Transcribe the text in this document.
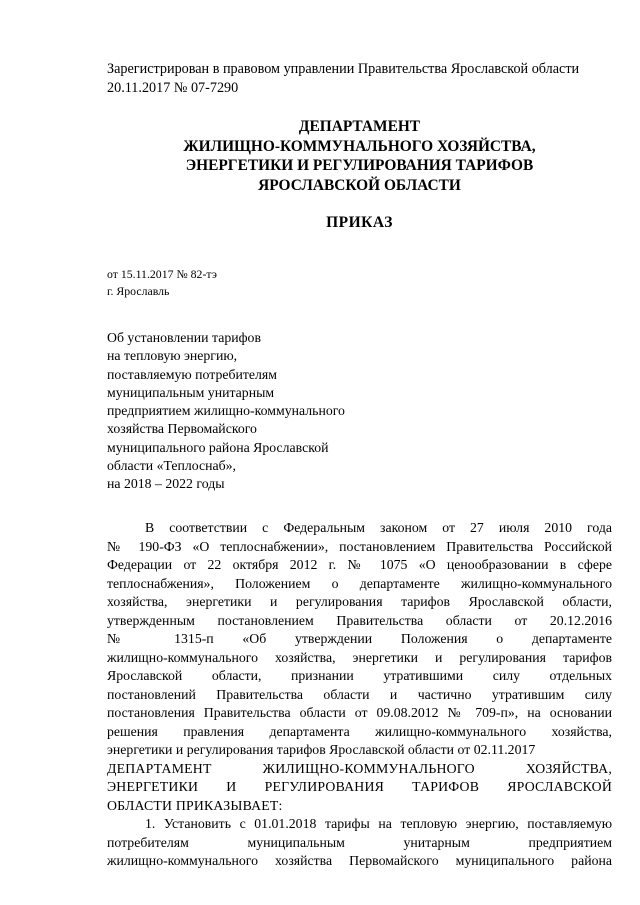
Зарегистрирован в правовом управлении Правительства Ярославской области
20.11.2017 № 07-7290
ДЕПАРТАМЕНТ
ЖИЛИЩНО-КОММУНАЛЬНОГО ХОЗЯЙСТВА,
ЭНЕРГЕТИКИ И РЕГУЛИРОВАНИЯ ТАРИФОВ
ЯРОСЛАВСКОЙ ОБЛАСТИ
ПРИКАЗ
от 15.11.2017 № 82-тэ
г. Ярославль
Об установлении тарифов
на тепловую энергию,
поставляемую потребителям
муниципальным унитарным
предприятием жилищно-коммунального
хозяйства Первомайского
муниципального района Ярославской
области «Теплоснаб»,
на 2018 – 2022 годы
В соответствии с Федеральным законом от 27 июля 2010 года
№ 190-ФЗ «О теплоснабжении», постановлением Правительства Российской
Федерации от 22 октября 2012 г. № 1075 «О ценообразовании в сфере
теплоснабжения», Положением о департаменте жилищно-коммунального
хозяйства, энергетики и регулирования тарифов Ярославской области,
утвержденным постановлением Правительства области от 20.12.2016
№ 1315-п «Об утверждении Положения о департаменте
жилищно-коммунального хозяйства, энергетики и регулирования тарифов
Ярославской области, признании утратившими силу отдельных
постановлений Правительства области и частично утратившим силу
постановления Правительства области от 09.08.2012 № 709-п», на основании
решения правления департамента жилищно-коммунального хозяйства,
энергетики и регулирования тарифов Ярославской области от 02.11.2017
ДЕПАРТАМЕНТ ЖИЛИЩНО-КОММУНАЛЬНОГО ХОЗЯЙСТВА,
ЭНЕРГЕТИКИ И РЕГУЛИРОВАНИЯ ТАРИФОВ ЯРОСЛАВСКОЙ
ОБЛАСТИ ПРИКАЗЫВАЕТ:
1. Установить с 01.01.2018 тарифы на тепловую энергию, поставляемую
потребителям муниципальным унитарным предприятием
жилищно-коммунального хозяйства Первомайского муниципального района
